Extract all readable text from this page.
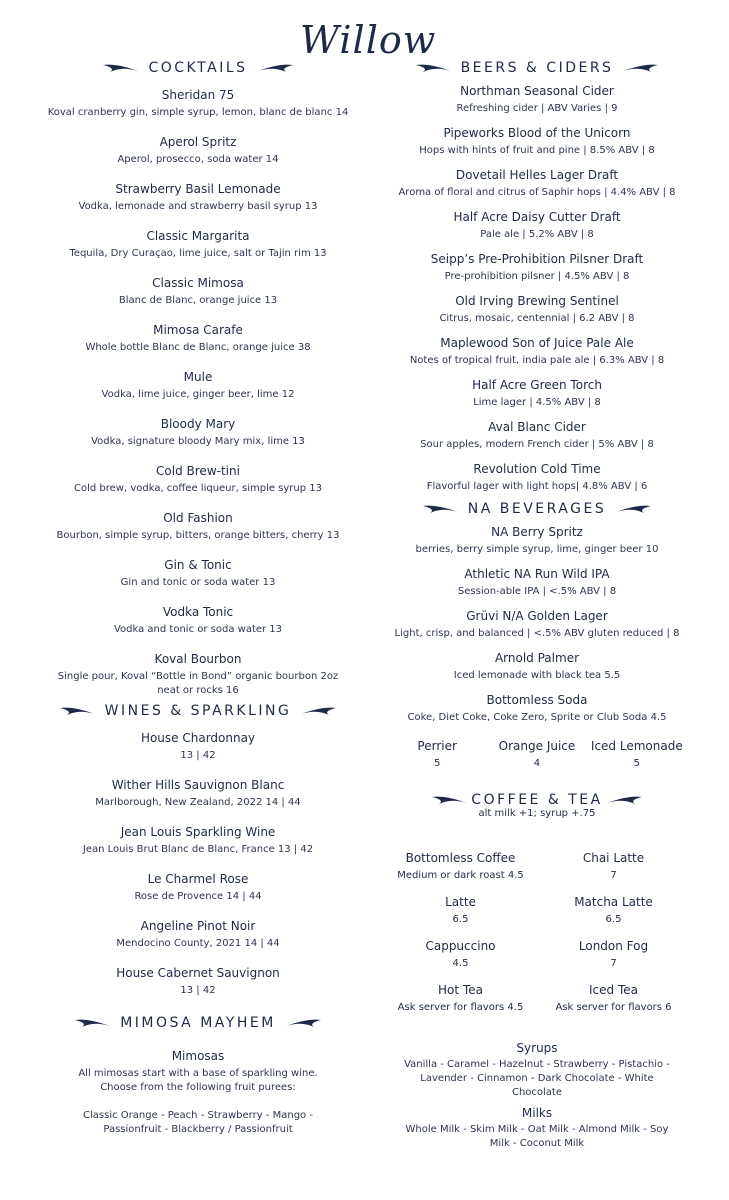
Willow
COCKTAILS
Sheridan 75
Koval cranberry gin, simple syrup, lemon, blanc de blanc 14
Aperol Spritz
Aperol, prosecco, soda water 14
Strawberry Basil Lemonade
Vodka, lemonade and strawberry basil syrup 13
Classic Margarita
Tequila, Dry Curaçao, lime juice, salt or Tajin rim 13
Classic Mimosa
Blanc de Blanc, orange juice 13
Mimosa Carafe
Whole bottle Blanc de Blanc, orange juice 38
Mule
Vodka, lime juice, ginger beer, lime 12
Bloody Mary
Vodka, signature bloody Mary mix, lime 13
Cold Brew-tini
Cold brew, vodka, coffee liqueur, simple syrup 13
Old Fashion
Bourbon, simple syrup, bitters, orange bitters, cherry 13
Gin & Tonic
Gin and tonic or soda water 13
Vodka Tonic
Vodka and tonic or soda water 13
Koval Bourbon
Single pour, Koval “Bottle in Bond” organic bourbon 2oz
neat or rocks 16
WINES & SPARKLING
House Chardonnay
13 | 42
Wither Hills Sauvignon Blanc
Marlborough, New Zealand, 2022 14 | 44
Jean Louis Sparkling Wine
Jean Louis Brut Blanc de Blanc, France 13 | 42
Le Charmel Rose
Rose de Provence 14 | 44
Angeline Pinot Noir
Mendocino County, 2021 14 | 44
House Cabernet Sauvignon
13 | 42
MIMOSA MAYHEM
Mimosas
All mimosas start with a base of sparkling wine.
Choose from the following fruit purees:
Classic Orange - Peach - Strawberry - Mango -
Passionfruit - Blackberry / Passionfruit
BEERS & CIDERS
Northman Seasonal Cider
Refreshing cider | ABV Varies | 9
Pipeworks Blood of the Unicorn
Hops with hints of fruit and pine | 8.5% ABV | 8
Dovetail Helles Lager Draft
Aroma of floral and citrus of Saphir hops | 4.4% ABV | 8
Half Acre Daisy Cutter Draft
Pale ale | 5.2% ABV | 8
Seipp’s Pre-Prohibition Pilsner Draft
Pre-prohibition pilsner | 4.5% ABV | 8
Old Irving Brewing Sentinel
Citrus, mosaic, centennial | 6.2 ABV | 8
Maplewood Son of Juice Pale Ale
Notes of tropical fruit, india pale ale | 6.3% ABV | 8
Half Acre Green Torch
Lime lager | 4.5% ABV | 8
Aval Blanc Cider
Sour apples, modern French cider | 5% ABV | 8
Revolution Cold Time
Flavorful lager with light hops| 4.8% ABV | 6
NA BEVERAGES
NA Berry Spritz
berries, berry simple syrup, lime, ginger beer 10
Athletic NA Run Wild IPA
Session-able IPA | <.5% ABV | 8
Grüvi N/A Golden Lager
Light, crisp, and balanced | <.5% ABV gluten reduced | 8
Arnold Palmer
Iced lemonade with black tea 5.5
Bottomless Soda
Coke, Diet Coke, Coke Zero, Sprite or Club Soda 4.5
Perrier
5
Orange Juice
4
Iced Lemonade
5
COFFEE & TEA
alt milk +1; syrup +.75
Bottomless Coffee
Medium or dark roast 4.5
Chai Latte
7
Latte
6.5
Matcha Latte
6.5
Cappuccino
4.5
London Fog
7
Hot Tea
Ask server for flavors 4.5
Iced Tea
Ask server for flavors 6
Syrups
Vanilla - Caramel - Hazelnut - Strawberry - Pistachio -
Lavender - Cinnamon - Dark Chocolate - White
Chocolate
Milks
Whole Milk - Skim Milk - Oat Milk - Almond Milk - Soy
Milk - Coconut Milk
